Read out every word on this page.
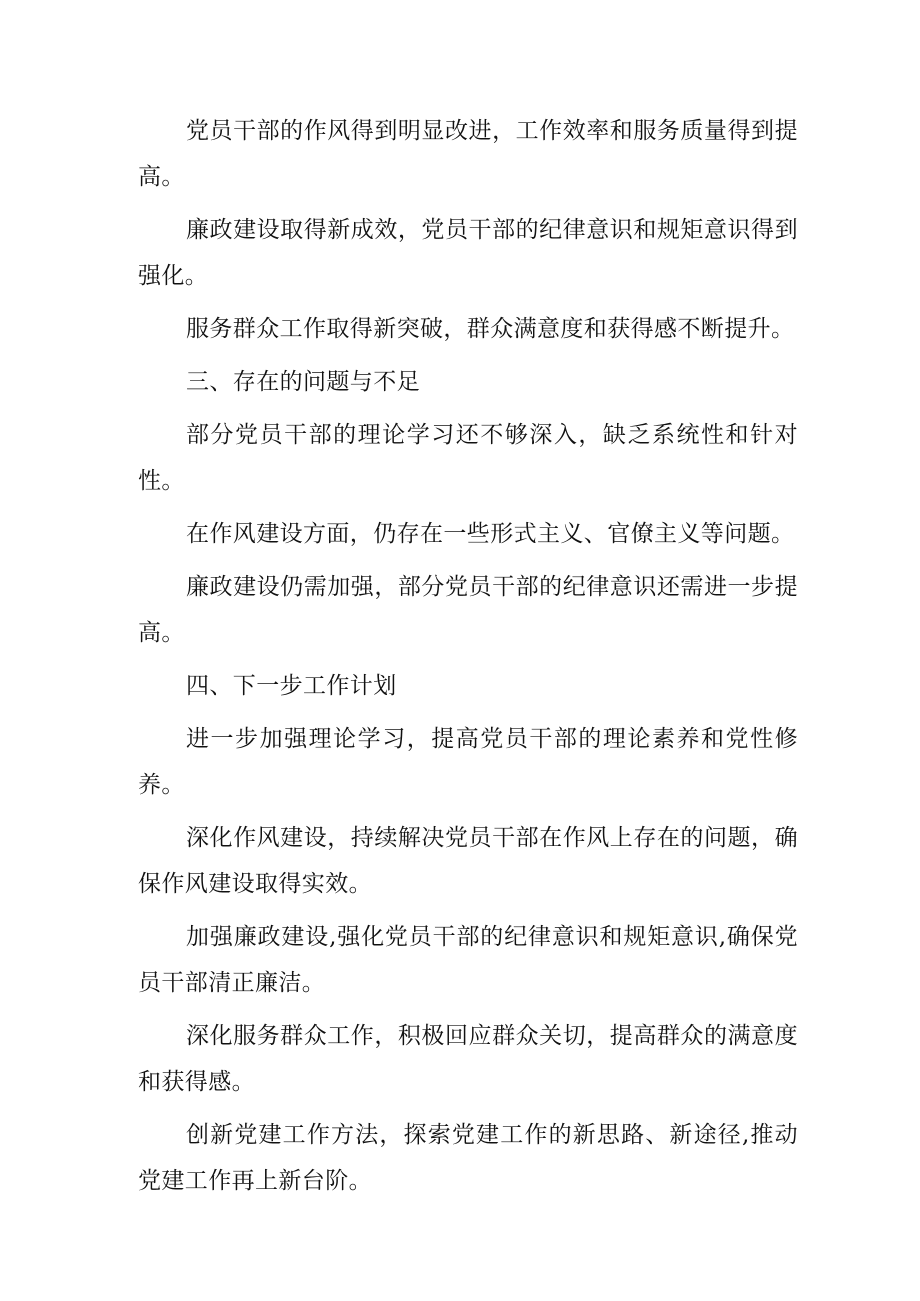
党员干部的作风得到明显改进，工作效率和服务质量得到提高。

廉政建设取得新成效，党员干部的纪律意识和规矩意识得到强化。

服务群众工作取得新突破，群众满意度和获得感不断提升。

三、存在的问题与不足

部分党员干部的理论学习还不够深入，缺乏系统性和针对性。

在作风建设方面，仍存在一些形式主义、官僚主义等问题。

廉政建设仍需加强，部分党员干部的纪律意识还需进一步提高。

四、下一步工作计划

进一步加强理论学习，提高党员干部的理论素养和党性修养。

深化作风建设，持续解决党员干部在作风上存在的问题，确保作风建设取得实效。

加强廉政建设,强化党员干部的纪律意识和规矩意识,确保党员干部清正廉洁。

深化服务群众工作，积极回应群众关切，提高群众的满意度和获得感。

创新党建工作方法，探索党建工作的新思路、新途径,推动党建工作再上新台阶。
